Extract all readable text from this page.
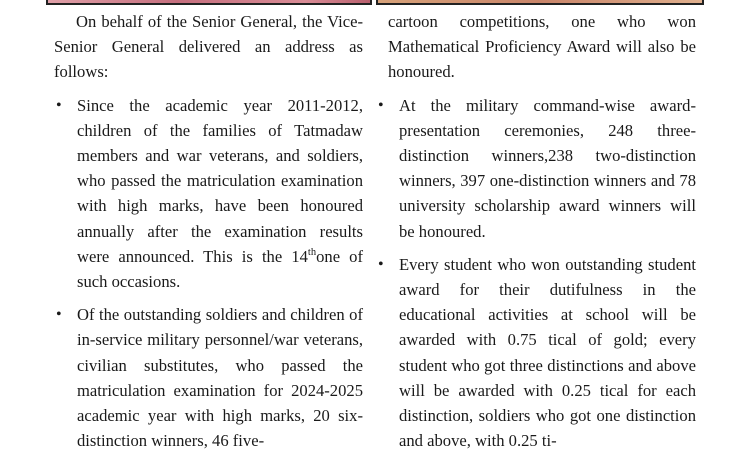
On behalf of the Senior General, the Vice-Senior General delivered an address as follows:

• Since the academic year 2011-2012, children of the families of Tatmadaw members and war veterans, and soldiers, who passed the matriculation examination with high marks, have been honoured annually after the examination results were announced. This is the 14thone of such occasions.
• Of the outstanding soldiers and children of in-service military personnel/war veterans, civilian substitutes, who passed the matriculation examination for 2024-2025 academic year with high marks, 20 six-distinction winners, 46 five-

cartoon competitions, one who won Mathematical Proficiency Award will also be honoured.

• At the military command-wise award-presentation ceremonies, 248 three-distinction winners,238 two-distinction winners, 397 one-distinction winners and 78 university scholarship award winners will be honoured.
• Every student who won outstanding student award for their dutifulness in the educational activities at school will be awarded with 0.75 tical of gold; every student who got three distinctions and above will be awarded with 0.25 tical for each distinction, soldiers who got one distinction and above, with 0.25 ti-
